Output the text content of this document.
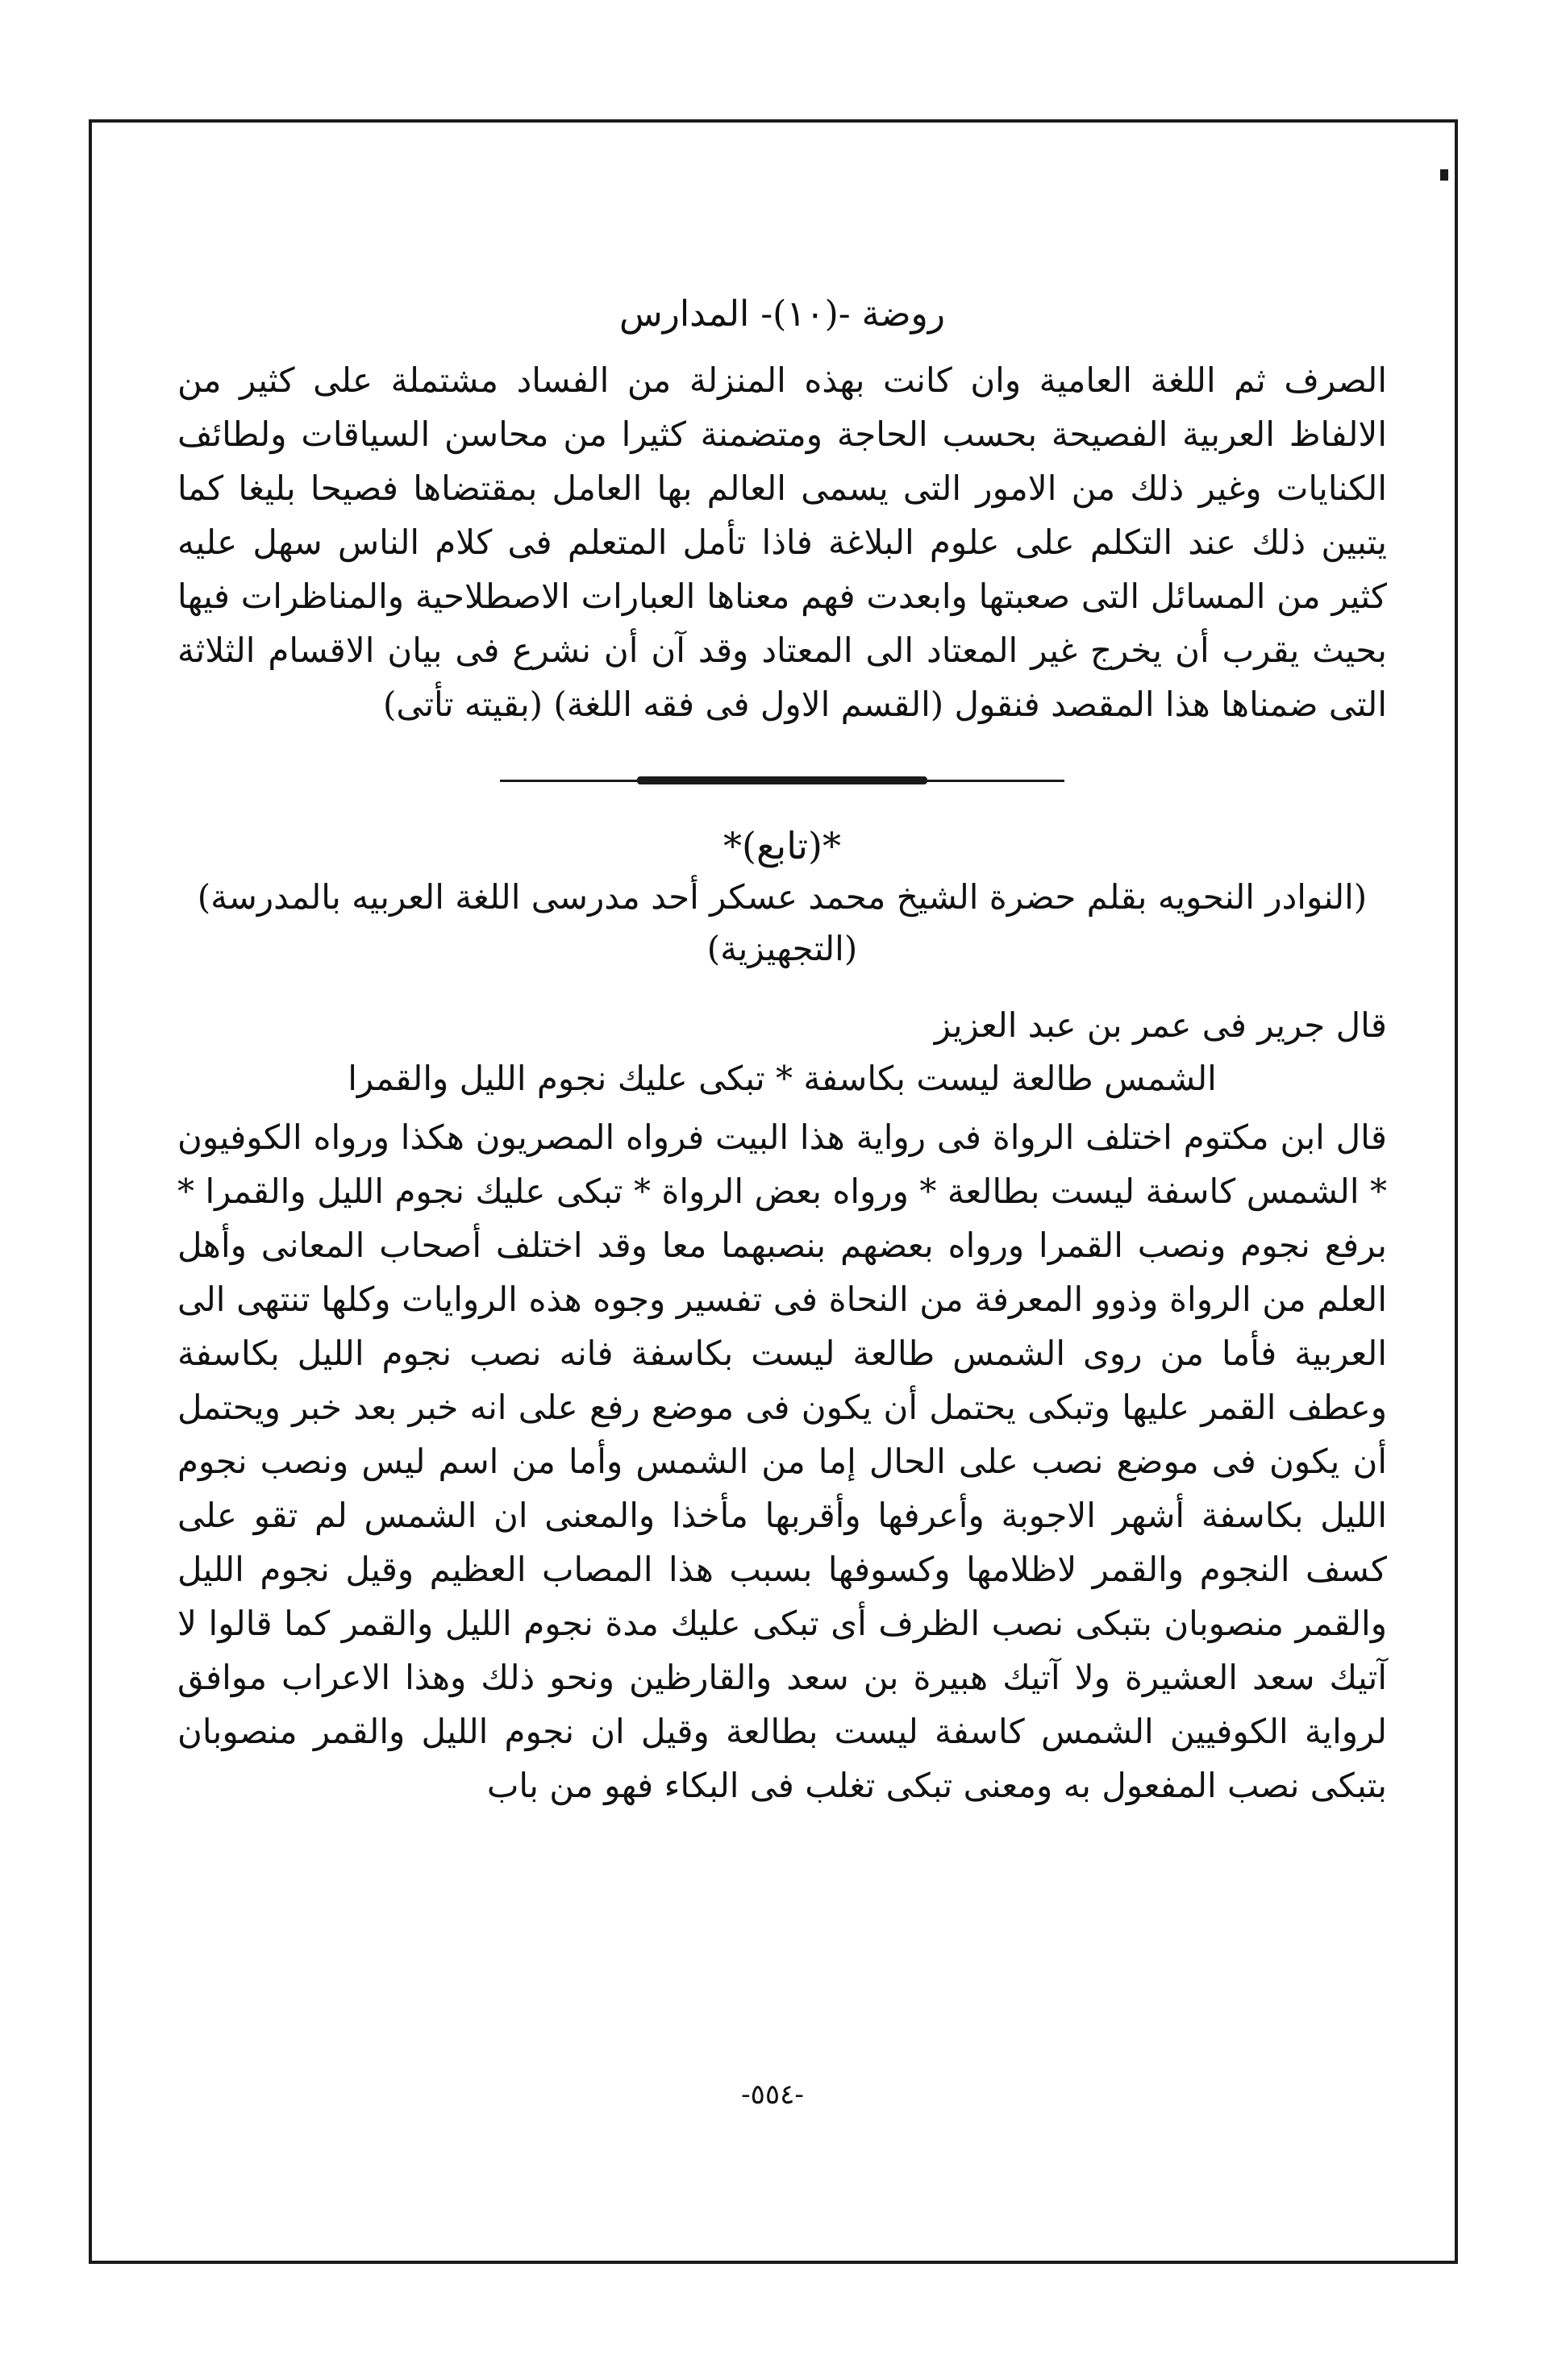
روضة -(١٠)- المدارس

الصرف ثم اللغة العامية وان كانت بهذه المنزلة من الفساد مشتملة على كثير من الالفاظ العربية الفصيحة بحسب الحاجة ومتضمنة كثيرا من محاسن السياقات ولطائف الكنايات وغير ذلك من الامور التى يسمى العالم بها العامل بمقتضاها فصيحا بليغا كما يتبين ذلك عند التكلم على علوم البلاغة فاذا تأمل المتعلم فى كلام الناس سهل عليه كثير من المسائل التى صعبتها وابعدت فهم معناها العبارات الاصطلاحية والمناظرات فيها بحيث يقرب أن يخرج غير المعتاد الى المعتاد وقد آن أن نشرع فى بيان الاقسام الثلاثة التى ضمناها هذا المقصد فنقول (القسم الاول فى فقه اللغة) (بقيته تأتى)

*(تابع)*
(النوادر النحويه بقلم حضرة الشيخ محمد عسكر أحد مدرسى اللغة العربيه بالمدرسة) (التجهيزية)
قال جرير فى عمر بن عبد العزيز
الشمس طالعة ليست بكاسفة * تبكى عليك نجوم الليل والقمرا

قال ابن مكتوم اختلف الرواة فى رواية هذا البيت فرواه المصريون هكذا ورواه الكوفيون * الشمس كاسفة ليست بطالعة * ورواه بعض الرواة * تبكى عليك نجوم الليل والقمرا * برفع نجوم ونصب القمرا ورواه بعضهم بنصبهما معا وقد اختلف أصحاب المعانى وأهل العلم من الرواة وذوو المعرفة من النحاة فى تفسير وجوه هذه الروايات وكلها تنتهى الى العربية فأما من روى الشمس طالعة ليست بكاسفة فانه نصب نجوم الليل بكاسفة وعطف القمر عليها وتبكى يحتمل أن يكون فى موضع رفع على انه خبر بعد خبر ويحتمل أن يكون فى موضع نصب على الحال إما من الشمس وأما من اسم ليس ونصب نجوم الليل بكاسفة أشهر الاجوبة وأعرفها وأقربها مأخذا والمعنى ان الشمس لم تقو على كسف النجوم والقمر لاظلامها وكسوفها بسبب هذا المصاب العظيم وقيل نجوم الليل والقمر منصوبان بتبكى نصب الظرف أى تبكى عليك مدة نجوم الليل والقمر كما قالوا لا آتيك سعد العشيرة ولا آتيك هبيرة بن سعد والقارظين ونحو ذلك وهذا الاعراب موافق لرواية الكوفيين الشمس كاسفة ليست بطالعة وقيل ان نجوم الليل والقمر منصوبان بتبكى نصب المفعول به ومعنى تبكى تغلب فى البكاء فهو من باب

-٥٥٤-
